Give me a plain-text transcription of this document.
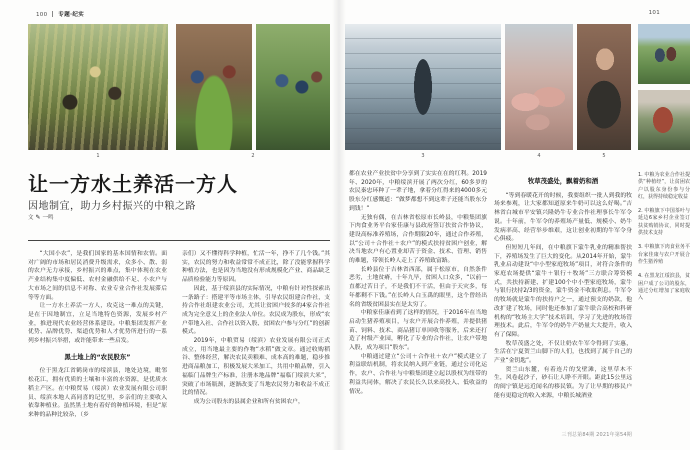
100 专题·纪实	101
1	2	3	4	5
让一方水土养活一方人
因地制宜，助力乡村振兴的中粮之路
文 ✎ 一鸣

“大国小农”，是我们国家的基本国情和农情。面对广阔的市场和居民消费升级需求，众多小、散、弱的农户无力承接，乡村振兴的难点，集中体现在农业产业结构集中度偏低、农村金融供给不足、小农户与大市场之间的信息不对称、农业专业合作社发展滞后等等方面。

让一方水土养活一方人，攻克这一难点的关键，是在于因地制宜，立足当地特色资源，发展乡村产业，推进现代农业经营体系建设。中粮集团发挥产业优势、品牌优势、渠道优势和人才优势所进行的一系列乡村振兴举措，或许能带来一些启发。

黑土地上的“农民股东”

位于黑龙江省鹤岗市的绥滨县，地处边境，毗邻松花江，拥有优质的土壤和丰富的水资源，是优质水稻主产区。在中粮贸易（绥滨）农业发展有限公司职员、绥滨本地人高同喜的记忆里，乡亲们的主要收入依靠种植业。虽然黑土地有着好的种植环境，但是“原来种的品种比较杂，（乡

亲们）又不懂得科学种植，忙活一年，挣不了几个钱。”其实，农民的努力和收益常常不成正比，除了没能掌握科学种植方法，也是因为当地没有形成规模化产业、商品缺乏品质检验能力等原因。

因此，基于绥滨县的实际情况，中粮有针对性探索出一条路子：搭建平等市场主体，引导农民组建合作社，支持合作社组建农业公司，尤其让贫困户较多的4家合作社成为完全意义上的企业法人单位。农民成为股东，形成“农户带地入社、合作社以资入股、贫困农户参与分红”的创新模式。

2019年，中粮贸易（绥滨）农业发展有限公司正式成立，用当地最主要的作物“水稻”做文章。通过收购稻谷、整体经营，解决农民卖粮难、成本高的难题，稳步推进商品粮加工，积极发展大米加工，共用中粮品牌，引入福临门品牌生产标准，注册本地品牌“福临门绥滨大米”，突破了市场瓶颈，逐渐改变了当地农民努力和收益不成正比的情况。

成为公司股东的县属企业和所有贫困农户，

都在农业产业扶贫中分享到了实实在在的红利。2019年、2020年，中粮绥滨开展了两次分红，60多岁的农民秦忠环种了一辈子地，拿着分红得来的4000多元股东分红感慨道：“做梦都想不到这辈子还能当股东分到钱！”

无独有偶，在吉林省松原市长岭县，中粮集团旗下肉食业务平台家佳康与县政府签订扶贫合作协议，建设高标准养殖场，合作期限20年，通过合作养殖，以“公司＋合作社＋农户”的模式扶持贫困户创业，解决当地农户有心置业却苦于资金、技术、管理、销售的难题，带领长岭人走上了养殖致富路。

长岭县位于吉林省西部，属于松原市，自然条件恶劣，土地贫瘠，十年九旱，贫困人口众多，“以前一直都过苦日子，不是我们不干活，但由于天灾多，每年都剩不下钱。”在长岭人白玉禹的眼里，这个曾经出名的省级贫困县实在是太穷了。

中粮家佳康看到了这样的情况，于2016年在当地启动生猪养殖项目，与农户开展合作养殖，并提供猪苗、饲料、技术、商品猪订单回收等服务，后来还打造了村级产业园，孵化了专业的合作社，让农户带地入股，成为项目“股东”。

中粮通过建立“公司＋合作社＋农户”模式建立了利益联结机制，将农民纳入到产业链，通过公司化运作，农户、合作社与中粮集团建立起以股权为纽带的利益共同体，解决了农民长久以来高投入、低收益的情况。

牧草茂盛处，飘着奶和酒

“等到春暖花开的时候，我要组织一批人到我的牧场来参观，让大家都知道原来牛奶可以这么好喝。”吉林省白城市平安镇兴隆奶牛专业合作社理事长牛军令说。十年前，牛军令的养殖场产量低、规模小、奶牛发病率高、经营举步维艰，这让创业初期的牛军令身心俱疲。

但短短几年间，在中粮旗下蒙牛乳业的精准帮扶下，养殖场发生了巨大的变化。从2014年开始，蒙牛乳业启动建设“中小型家庭牧场”项目，对符合条件的家庭农场提供“蒙牛＋银行＋牧场”三方联合筹资模式，共扶持新建、扩建100个中小型家庭牧场，蒙牛与银行扶持2/3的资金，蒙牛资金不收取利息。牛军令的牧场就是蒙牛的扶持户之一，通过预支的奶款，他改扩建了牧场，同时他还参加了蒙牛联合高校和科研机构的“牧场主大学”技术培训，学习了先进的牧场管理技术。此后，牛军令的奶牛产奶量大大提升，收入有了保障。

牧草茂盛之处，不仅让奶农牛军令得到了实惠，生活在宁夏贺兰山脚下的人们，也找到了属于自己的产业“金钥匙”。

贺兰山东麓，有着连片的戈壁滩，这里草木不生，风卷起沙子，砂石让人睁不开眼。距此15公里远的闽宁镇是远近闻名的移民镇。为了让早期的移民户能有更稳定的收入来源，中粮长城酒业

1. 中粮为农业合作社提供“种植经”，让贫困农户以股东身份参与分红，获得持续稳定收益
2. 中粮旗下中国茶叶与延边6家乡村企业签订扶贫购销协议，同时提供技术支持
3. 中粮旗下肉食业务平台家佳康与农户开展合作生猪养殖
4. 在黑龙江绥滨县，贫困户成了公司的股东，通过分红增加了家庭收入
三刊总第84期 2021年第54期
